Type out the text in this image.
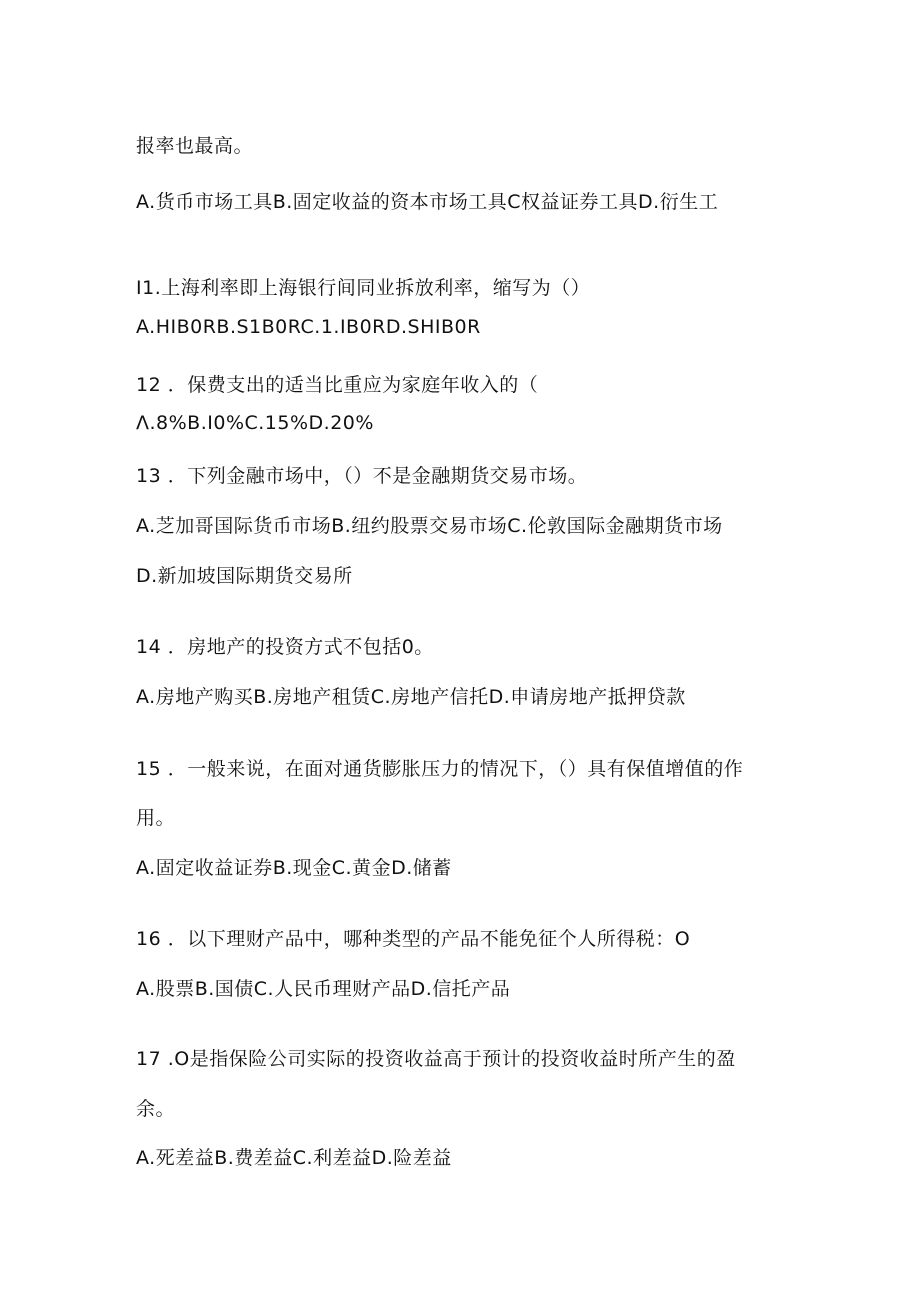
报率也最高。
A.货币市场工具B.固定收益的资本市场工具C权益证券工具D.衍生工
I1.上海利率即上海银行间同业拆放利率，缩写为（）
A.HIB0RB.S1B0RC.1.IB0RD.SHIB0R
12 ．保费支出的适当比重应为家庭年收入的（
Λ.8%B.I0%C.15%D.20%
13 ．下列金融市场中，（）不是金融期货交易市场。
A.芝加哥国际货币市场B.纽约股票交易市场C.伦敦国际金融期货市场
D.新加坡国际期货交易所
14 ．房地产的投资方式不包括0。
A.房地产购买B.房地产租赁C.房地产信托D.申请房地产抵押贷款
15 ．一般来说，在面对通货膨胀压力的情况下，（）具有保值增值的作
用。
A.固定收益证券B.现金C.黄金D.储蓄
16 ．以下理财产品中，哪种类型的产品不能免征个人所得税：O
A.股票B.国债C.人民币理财产品D.信托产品
17 .O是指保险公司实际的投资收益高于预计的投资收益时所产生的盈
余。
A.死差益B.费差益C.利差益D.险差益
